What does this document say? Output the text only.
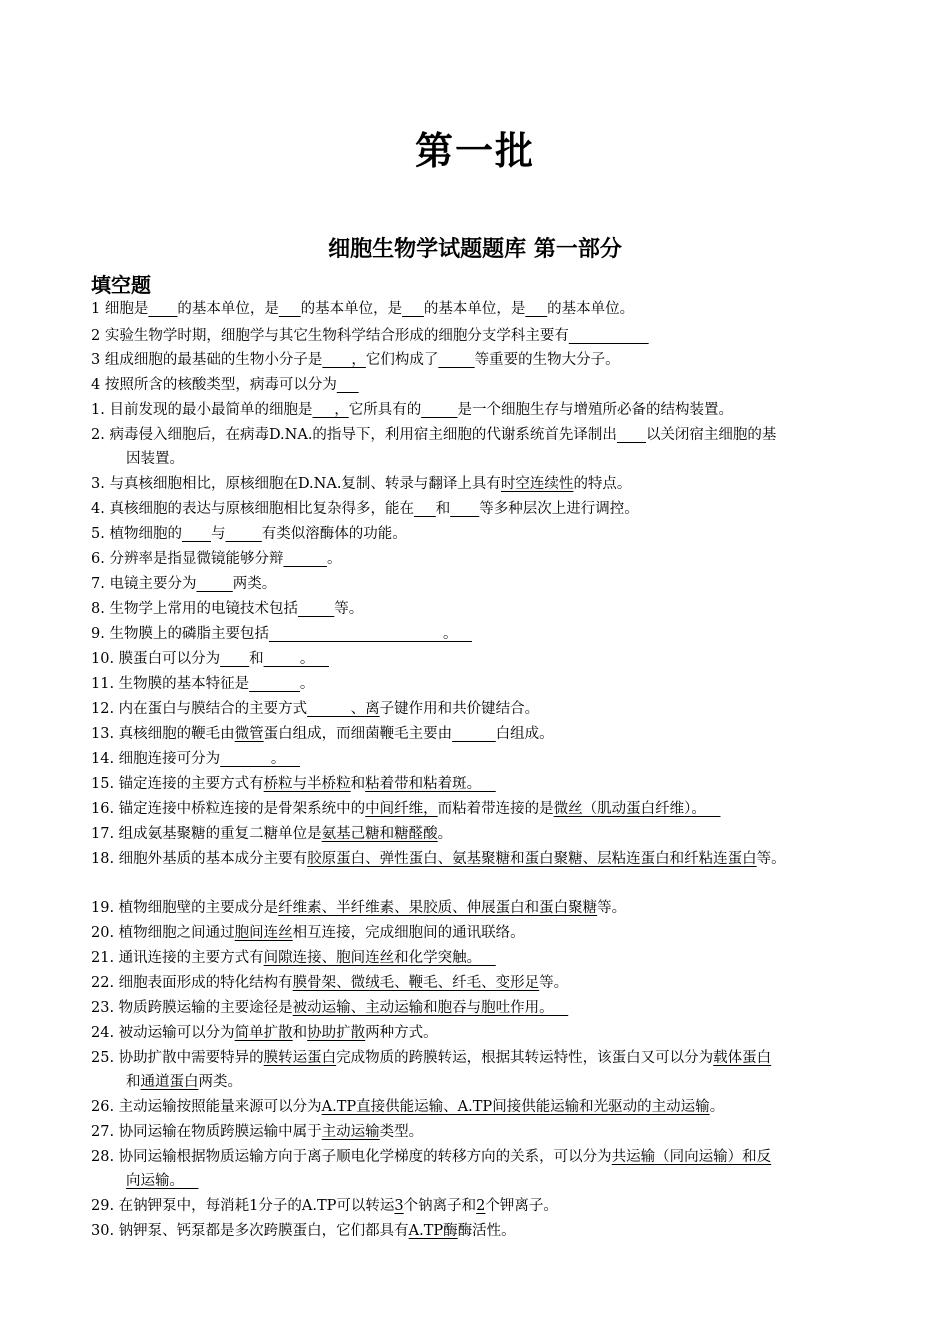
第一批
细胞生物学试题题库 第一部分
填空题
1 细胞是____的基本单位，是___的基本单位，是___的基本单位，是___的基本单位。
2 实验生物学时期，细胞学与其它生物科学结合形成的细胞分支学科主要有___________
3 组成细胞的最基础的生物小分子是____，它们构成了_____等重要的生物大分子。
4 按照所含的核酸类型，病毒可以分为___
1. 目前发现的最小最简单的细胞是___，它所具有的_____是一个细胞生存与增殖所必备的结构装置。
2. 病毒侵入细胞后，在病毒D.NA.的指导下，利用宿主细胞的代谢系统首先译制出____以关闭宿主细胞的基
因装置。
3. 与真核细胞相比，原核细胞在D.NA.复制、转录与翻译上具有时空连续性的特点。
4. 真核细胞的表达与原核细胞相比复杂得多，能在___和____等多种层次上进行调控。
5. 植物细胞的____与_____有类似溶酶体的功能。
6. 分辨率是指显微镜能够分辩______。
7. 电镜主要分为_____两类。
8. 生物学上常用的电镜技术包括_____等。
9. 生物膜上的磷脂主要包括________________________。__
10. 膜蛋白可以分为____和_____。__
11. 生物膜的基本特征是_______。
12. 内在蛋白与膜结合的主要方式______、离子键作用和共价键结合。
13. 真核细胞的鞭毛由微管蛋白组成，而细菌鞭毛主要由______白组成。
14. 细胞连接可分为_______。__
15. 锚定连接的主要方式有桥粒与半桥粒和粘着带和粘着斑。__
16. 锚定连接中桥粒连接的是骨架系统中的中间纤维，而粘着带连接的是微丝（肌动蛋白纤维）。__
17. 组成氨基聚糖的重复二糖单位是氨基己糖和糖醛酸。
18. 细胞外基质的基本成分主要有胶原蛋白、弹性蛋白、氨基聚糖和蛋白聚糖、层粘连蛋白和纤粘连蛋白等。
19. 植物细胞壁的主要成分是纤维素、半纤维素、果胶质、伸展蛋白和蛋白聚糖等。
20. 植物细胞之间通过胞间连丝相互连接，完成细胞间的通讯联络。
21. 通讯连接的主要方式有间隙连接、胞间连丝和化学突触。__
22. 细胞表面形成的特化结构有膜骨架、微绒毛、鞭毛、纤毛、变形足等。
23. 物质跨膜运输的主要途径是被动运输、主动运输和胞吞与胞吐作用。__
24. 被动运输可以分为简单扩散和协助扩散两种方式。
25. 协助扩散中需要特异的膜转运蛋白完成物质的跨膜转运，根据其转运特性，该蛋白又可以分为载体蛋白
和通道蛋白两类。
26. 主动运输按照能量来源可以分为A.TP直接供能运输、A.TP间接供能运输和光驱动的主动运输。
27. 协同运输在物质跨膜运输中属于主动运输类型。
28. 协同运输根据物质运输方向于离子顺电化学梯度的转移方向的关系，可以分为共运输（同向运输）和反
向运输。__
29. 在钠钾泵中，每消耗1分子的A.TP可以转运3个钠离子和2个钾离子。
30. 钠钾泵、钙泵都是多次跨膜蛋白，它们都具有A.TP酶酶活性。
